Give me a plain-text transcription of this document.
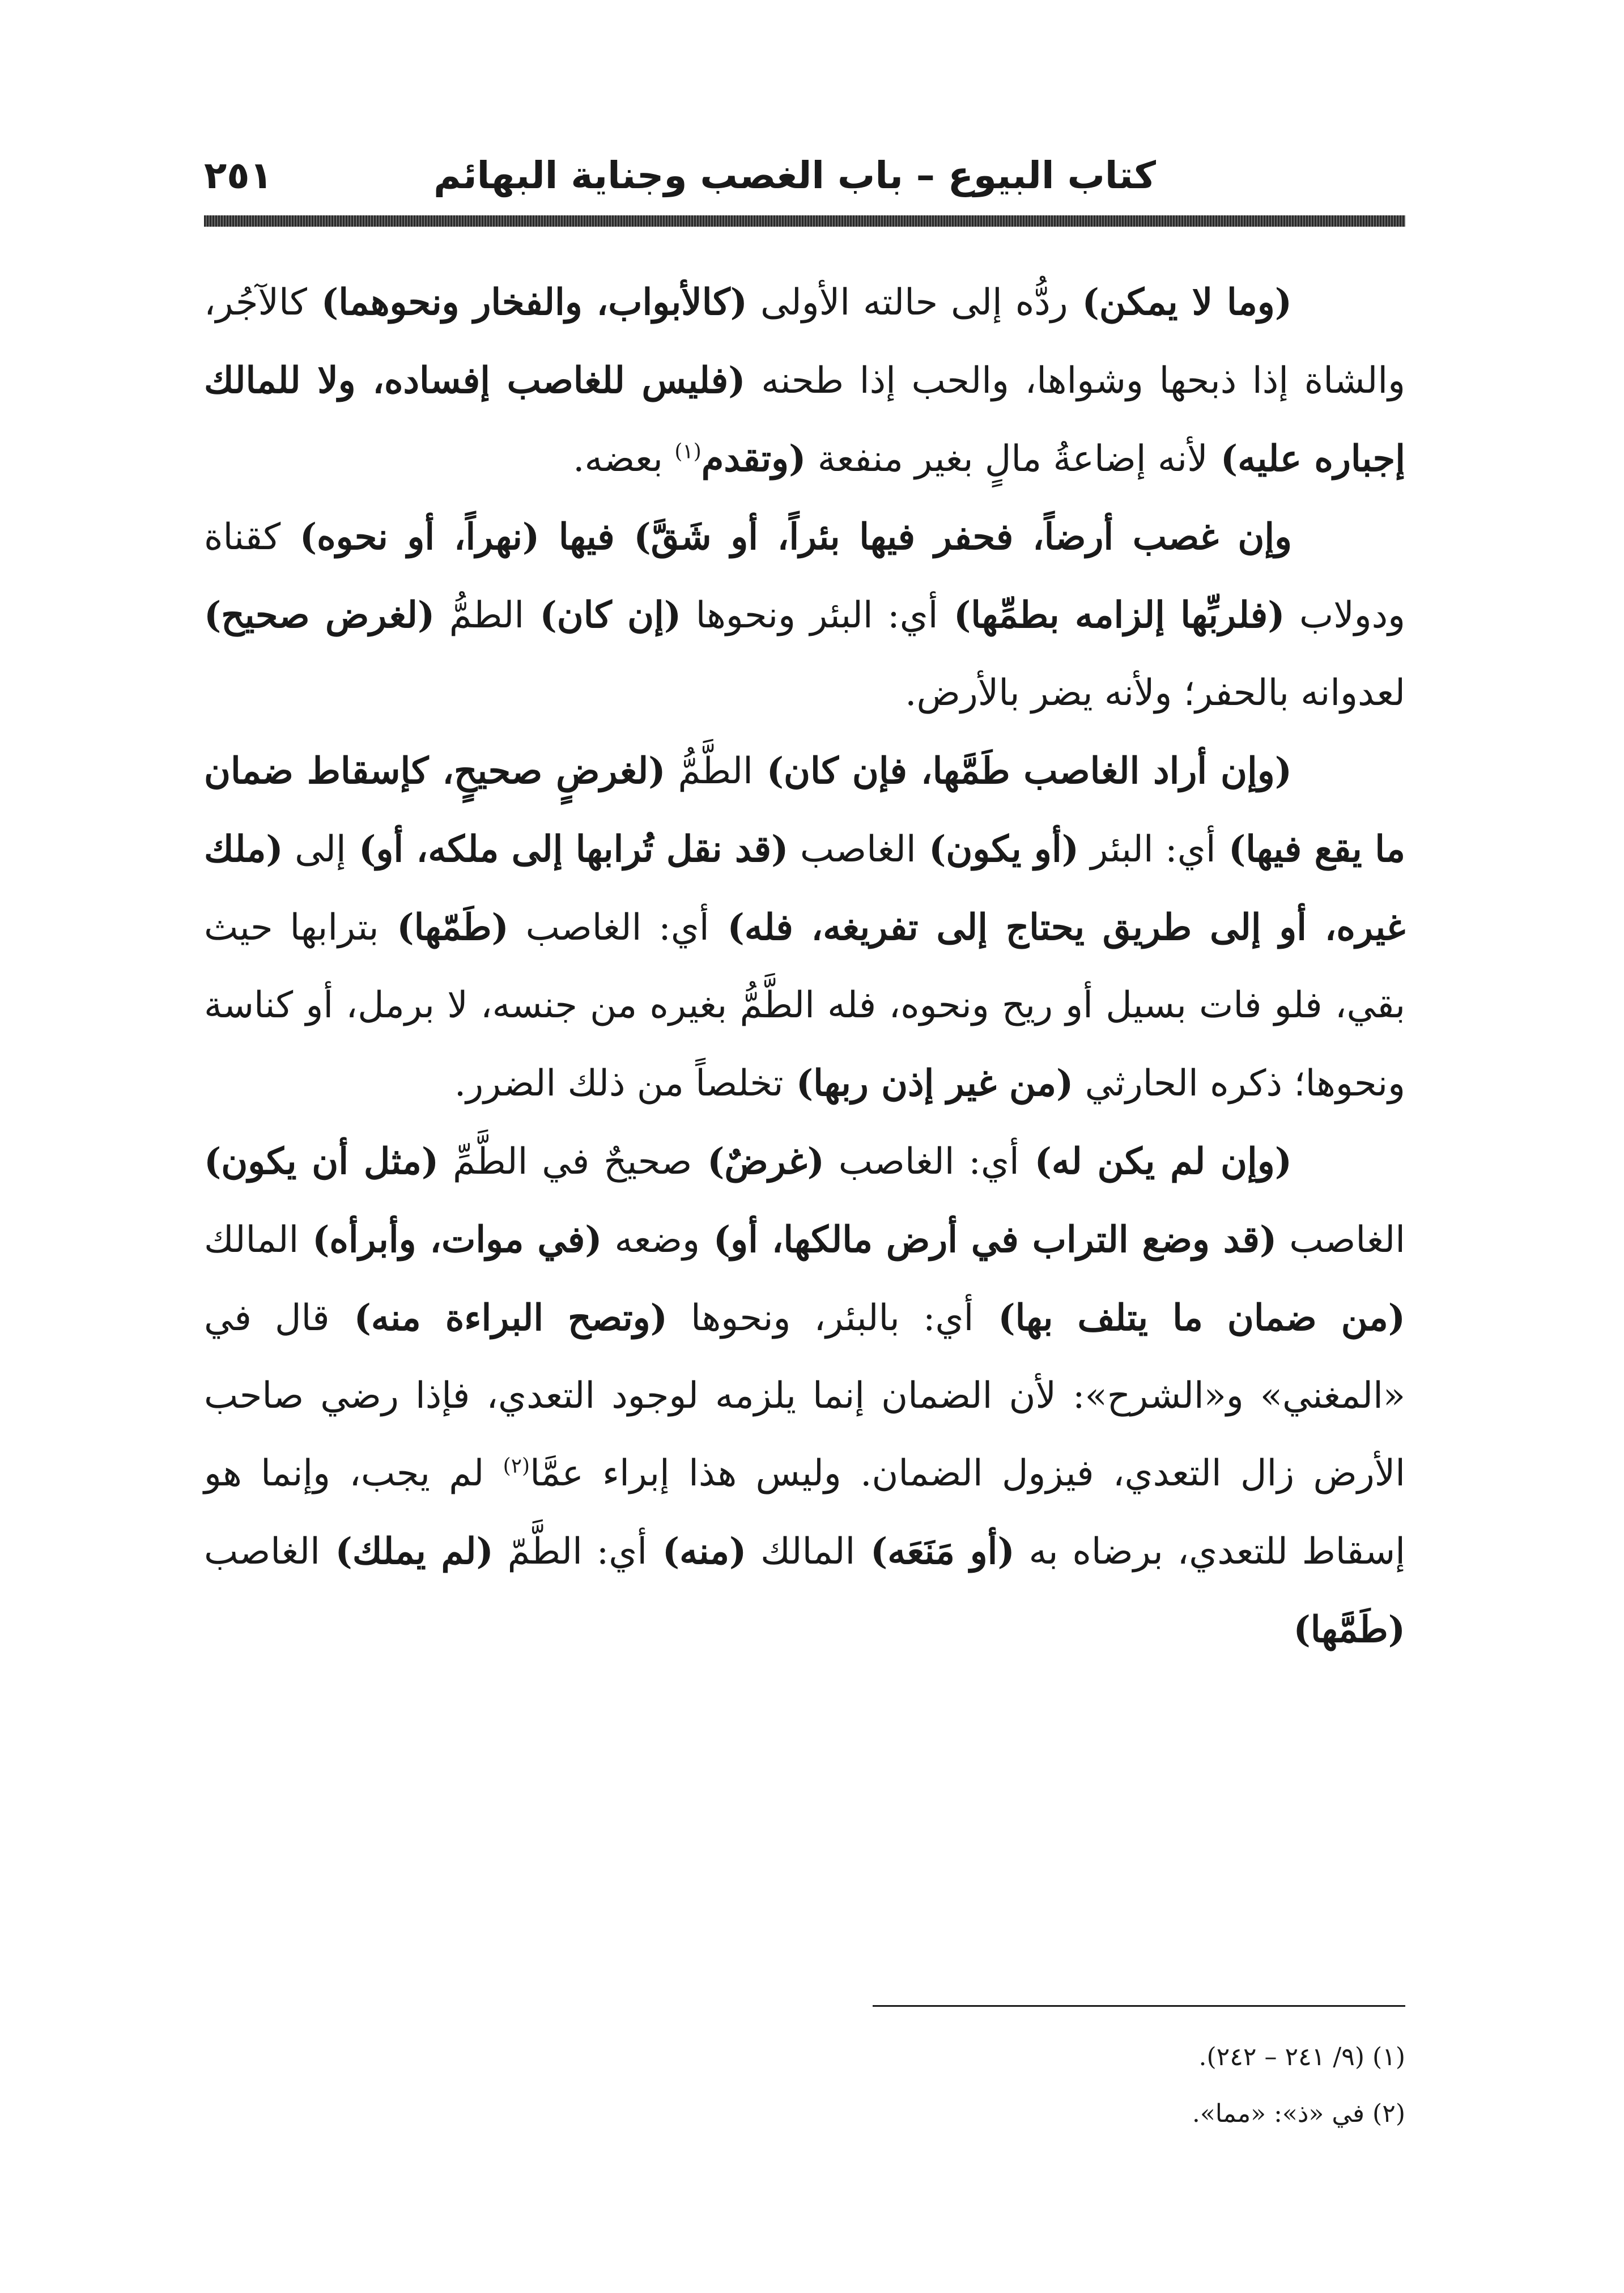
كتاب البيوع – باب الغصب وجناية البهائم
٢٥١

(وما لا يمكن) ردُّه إلى حالته الأولى (كالأبواب، والفخار ونحوهما) كالآجُر، والشاة إذا ذبحها وشواها، والحب إذا طحنه (فليس للغاصب إفساده، ولا للمالك إجباره عليه) لأنه إضاعةُ مالٍ بغير منفعة (وتقدم$^{(١)}$ بعضه.

وإن غصب أرضاً، فحفر فيها بئراً، أو شَقَّ) فيها (نهراً، أو نحوه) كقناة ودولاب (فلربِّها إلزامه بطمِّها) أي: البئر ونحوها (إن كان) الطمُّ (لغرض صحيح) لعدوانه بالحفر؛ ولأنه يضر بالأرض.

(وإن أراد الغاصب طَمَّها، فإن كان) الطَّمُّ (لغرضٍ صحيحٍ، كإسقاط ضمان ما يقع فيها) أي: البئر (أو يكون) الغاصب (قد نقل تُرابها إلى ملكه، أو) إلى (ملك غيره، أو إلى طريق يحتاج إلى تفريغه، فله) أي: الغاصب (طَمّها) بترابها حيث بقي، فلو فات بسيل أو ريح ونحوه، فله الطَّمُّ بغيره من جنسه، لا برمل، أو كناسة ونحوها؛ ذكره الحارثي (من غير إذن ربها) تخلصاً من ذلك الضرر.

(وإن لم يكن له) أي: الغاصب (غرضٌ) صحيحٌ في الطَّمِّ (مثل أن يكون) الغاصب (قد وضع التراب في أرض مالكها، أو) وضعه (في موات، وأبرأه) المالك (من ضمان ما يتلف بها) أي: بالبئر، ونحوها (وتصح البراءة منه) قال في «المغني» و«الشرح»: لأن الضمان إنما يلزمه لوجود التعدي، فإذا رضي صاحب الأرض زال التعدي، فيزول الضمان. وليس هذا إبراء عمَّا$^{(٢)}$ لم يجب، وإنما هو إسقاط للتعدي، برضاه به (أو مَنَعَه) المالك (منه) أي: الطَّمّ (لم يملك) الغاصب (طَمَّها)

(١) (٩/ ٢٤١ – ٢٤٢).
(٢) في «ذ»: «مما».
